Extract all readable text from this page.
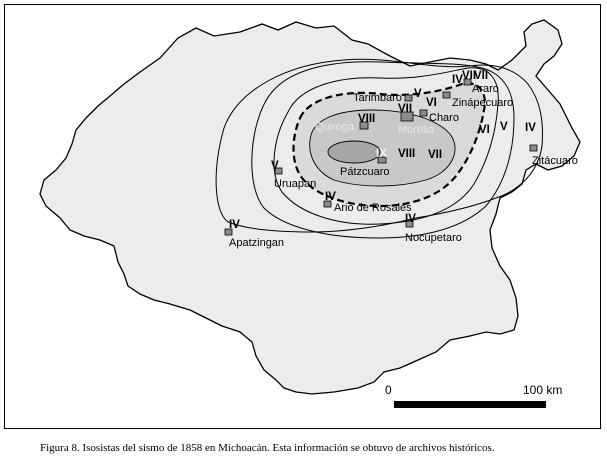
Tarimbaro
Araro
Zinápecuaro
Charo
Quiroga	Morelia
Pátzcuaro
Zitácuaro
Uruapan
Ario de Rosales
Apatzingan	Nocupetaro
V
IV VII
VII
VII VI
VIII
VI V IV
IX VIII VII
V
IV
IV	IV
0	100 km
Figura 8. Isosistas del sismo de 1858 en Michoacán. Esta información se obtuvo de archivos históricos.
